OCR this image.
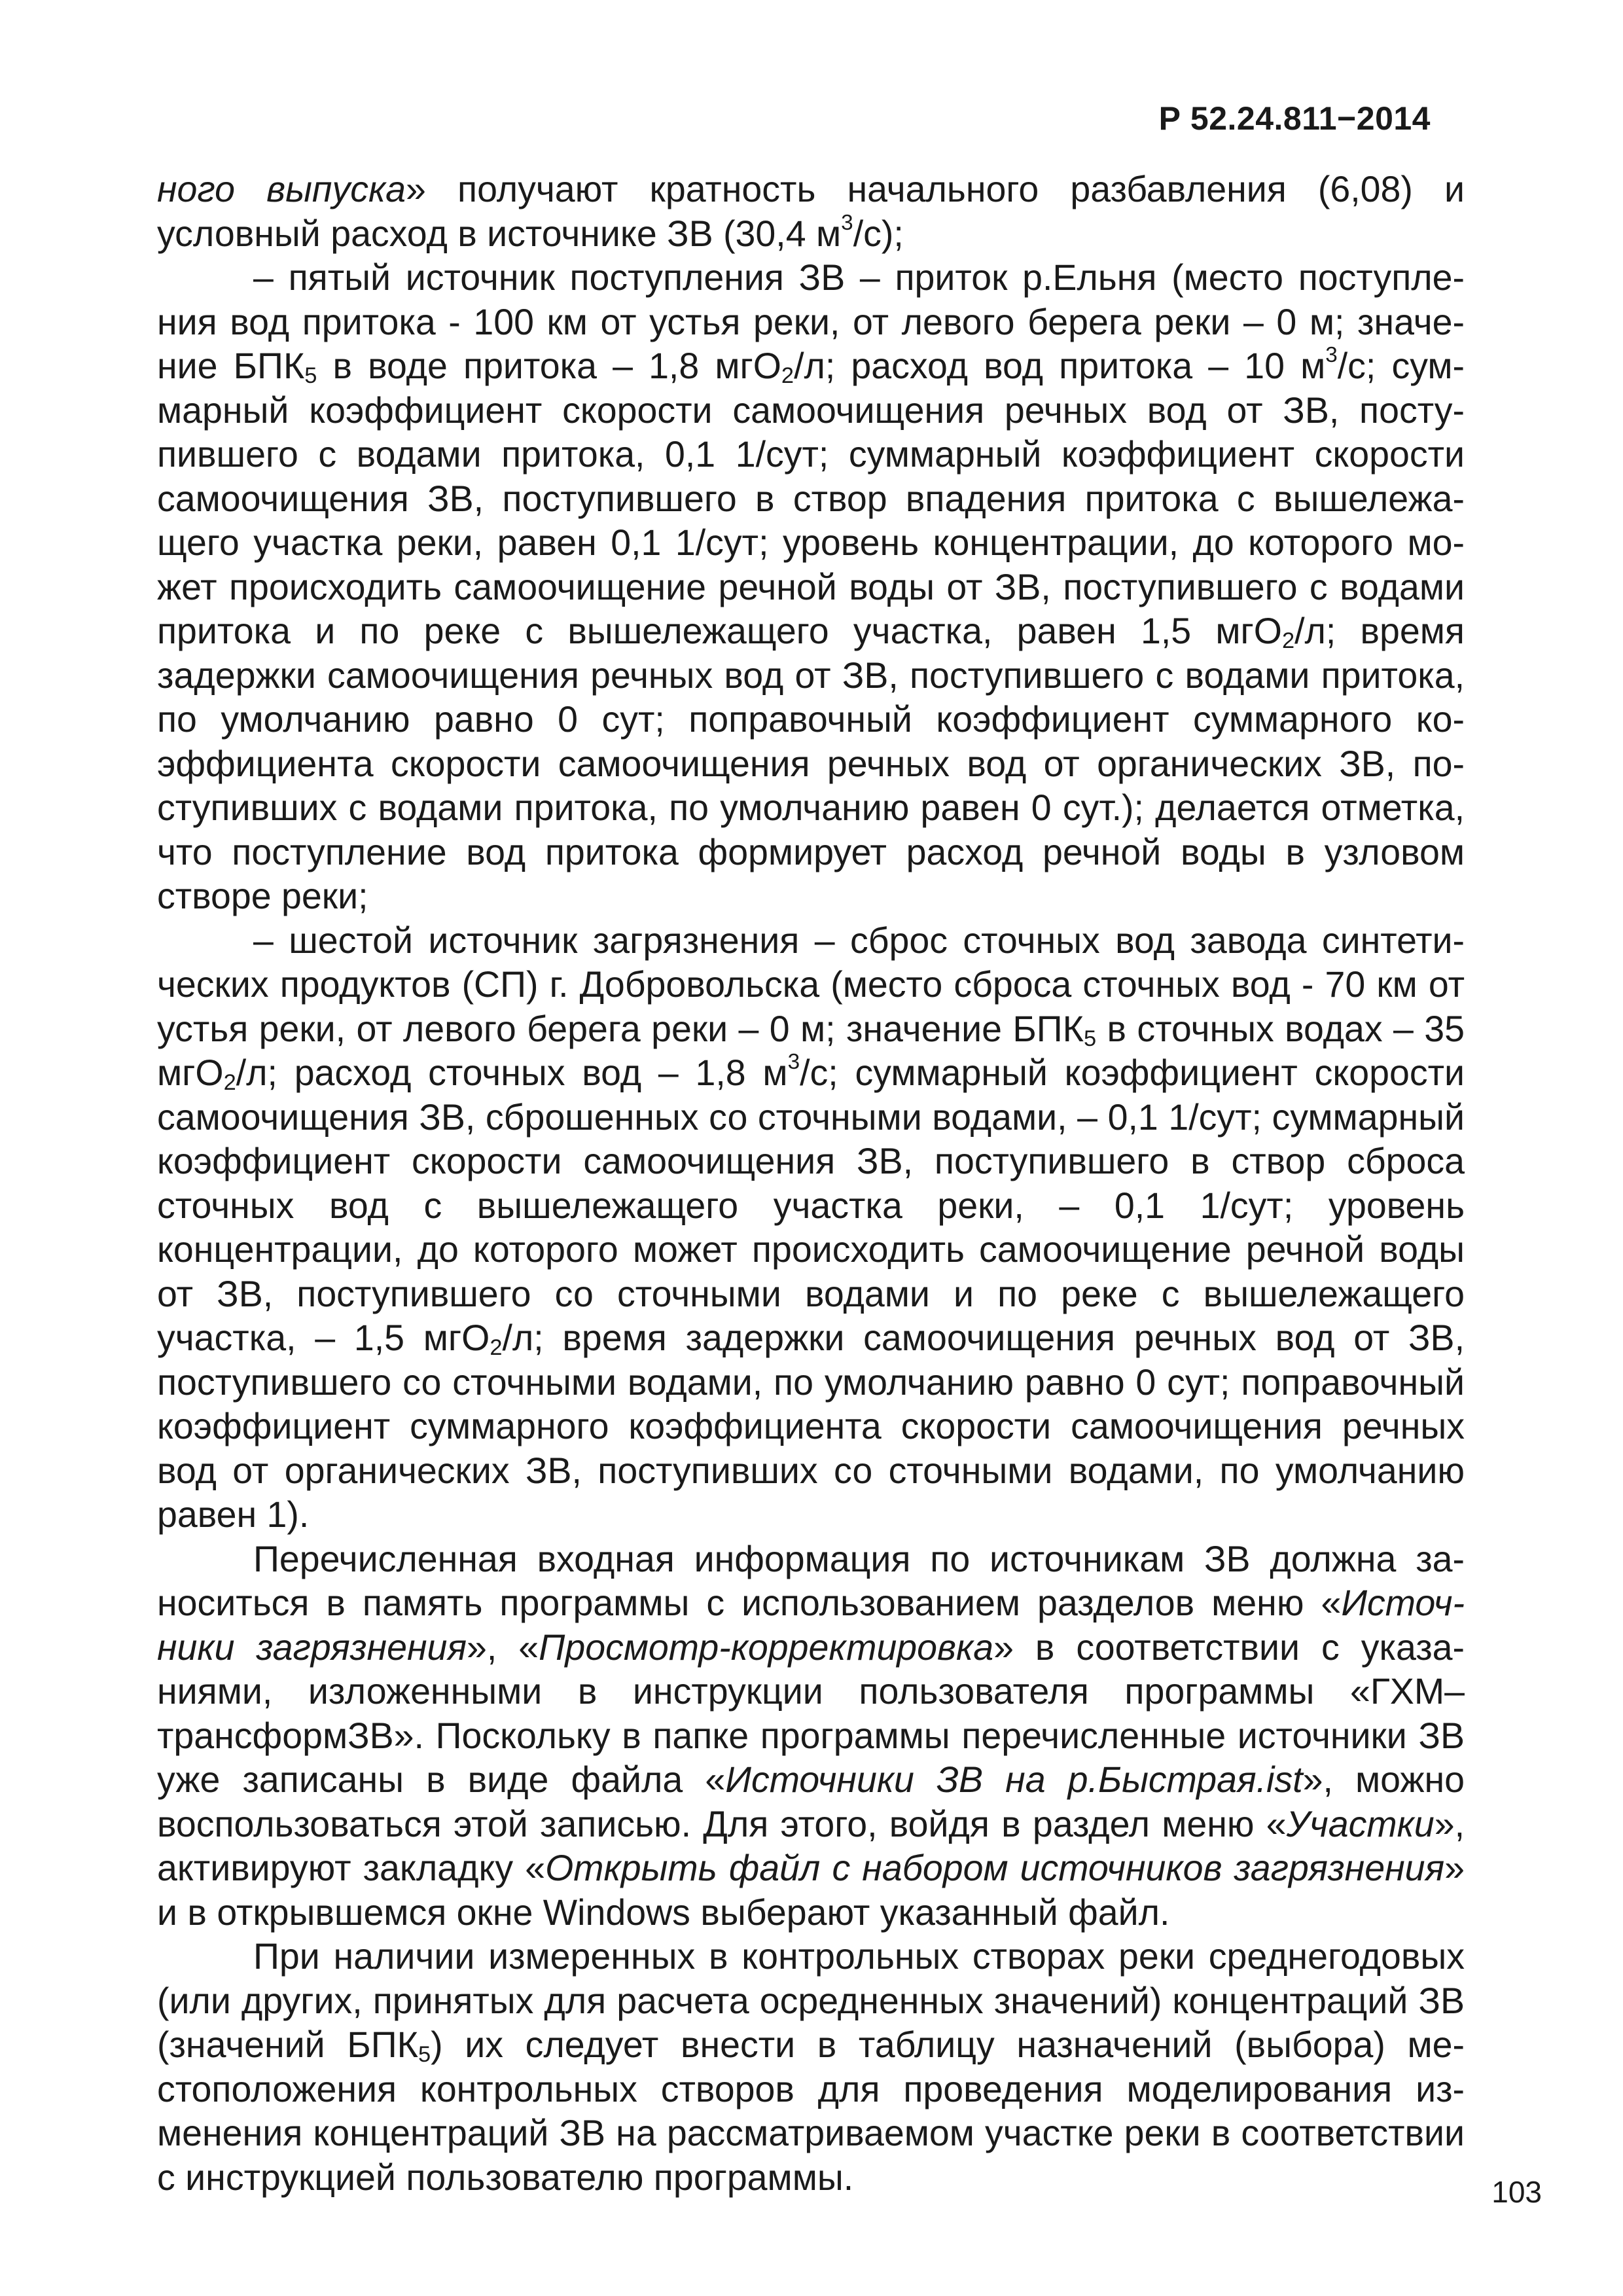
Р 52.24.811−2014

ного выпуска» получают кратность начального разбавления (6,08) и условный расход в источнике ЗВ (30,4 $м^3/с$);

– пятый источник поступления ЗВ – приток р.Ельня (место поступления вод притока - 100 км от устья реки, от левого берега реки – 0 м; значение $БПК_5$ в воде притока – 1,8 мгО$_2$/л; расход вод притока – 10 $м^3/с$; суммарный коэффициент скорости самоочищения речных вод от ЗВ, поступившего с водами притока, 0,1 1/сут; суммарный коэффициент скорости самоочищения ЗВ, поступившего в створ впадения притока с вышележащего участка реки, равен 0,1 1/сут; уровень концентрации, до которого может происходить самоочищение речной воды от ЗВ, поступившего с водами притока и по реке с вышележащего участка, равен 1,5 мгО$_2$/л; время задержки самоочищения речных вод от ЗВ, поступившего с водами притока, по умолчанию равно 0 сут; поправочный коэффициент суммарного коэффициента скорости самоочищения речных вод от органических ЗВ, поступивших с водами притока, по умолчанию равен 0 сут.); делается отметка, что поступление вод притока формирует расход речной воды в узловом створе реки;

– шестой источник загрязнения – сброс сточных вод завода синтетических продуктов (СП) г. Добровольска (место сброса сточных вод - 70 км от устья реки, от левого берега реки – 0 м; значение $БПК_5$ в сточных водах – 35 мгО$_2$/л; расход сточных вод – 1,8 $м^3/с$; суммарный коэффициент скорости самоочищения ЗВ, сброшенных со сточными водами, – 0,1 1/сут; суммарный коэффициент скорости самоочищения ЗВ, поступившего в створ сброса сточных вод с вышележащего участка реки, – 0,1 1/сут; уровень концентрации, до которого может происходить самоочищение речной воды от ЗВ, поступившего со сточными водами и по реке с вышележащего участка, – 1,5 мгО$_2$/л; время задержки самоочищения речных вод от ЗВ, поступившего со сточными водами, по умолчанию равно 0 сут; поправочный коэффициент суммарного коэффициента скорости самоочищения речных вод от органических ЗВ, поступивших со сточными водами, по умолчанию равен 1).

Перечисленная входная информация по источникам ЗВ должна заноситься в память программы с использованием разделов меню «Источники загрязнения», «Просмотр-корректировка» в соответствии с указаниями, изложенными в инструкции пользователя программы «ГХМ–трансформЗВ». Поскольку в папке программы перечисленные источники ЗВ уже записаны в виде файла «Источники ЗВ на р.Быстрая.ist», можно воспользоваться этой записью. Для этого, войдя в раздел меню «Участки», активируют закладку «Открыть файл с набором источников загрязнения» и в открывшемся окне Windows выберают указанный файл.

При наличии измеренных в контрольных створах реки среднегодовых (или других, принятых для расчета осредненных значений) концентраций ЗВ (значений $БПК_5$) их следует внести в таблицу назначений (выбора) местоположения контрольных створов для проведения моделирования изменения концентраций ЗВ на рассматриваемом участке реки в соответствии с инструкцией пользователю программы.	103
